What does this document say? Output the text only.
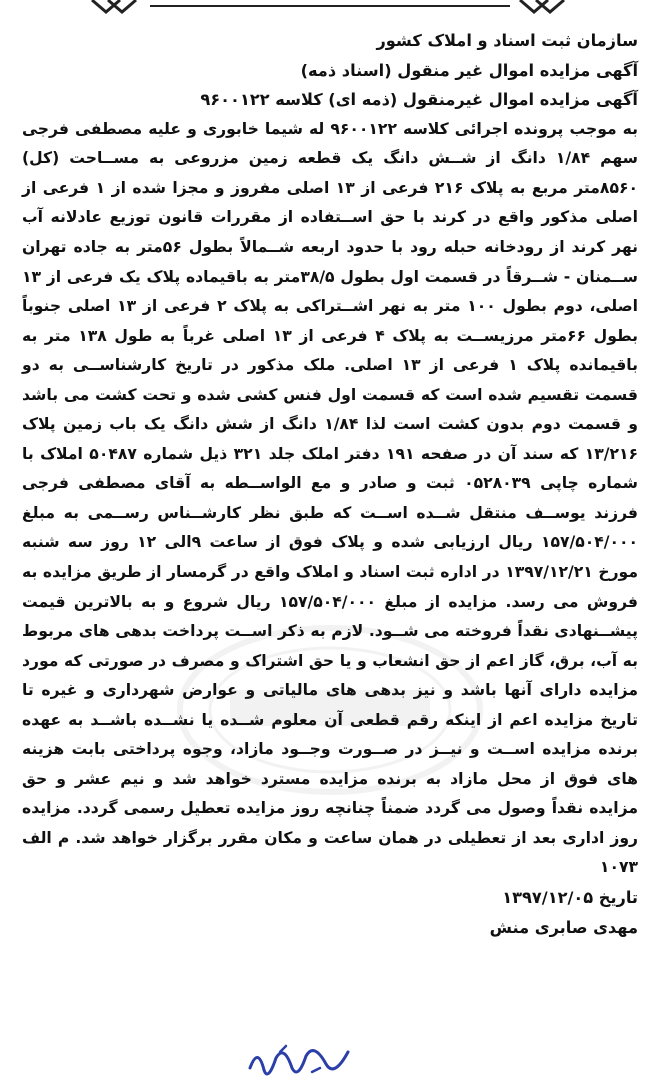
سازمان ثبت اسناد و املاک کشور
آگهی مزایده اموال غیر منقول (اسناد ذمه)
آگهی مزایده اموال غیرمنقول (ذمه ای) کلاسه ۹۶۰۰۱۲۲
به موجب پرونده اجرائی کلاسه ۹۶۰۰۱۲۲ له شیما خابوری و علیه مصطفی فرجی سهم ۱/۸۴ دانگ از شــش دانگ یک قطعه زمین مزروعی به مســاحت (کل) ۸۵۶۰متر مربع به پلاک ۲۱۶ فرعی از ۱۳ اصلی مفروز و مجزا شده از ۱ فرعی از اصلی مذکور واقع در کرند با حق اســتفاده از مقررات قانون توزیع عادلانه آب نهر کرند از رودخانه حبله رود با حدود اربعه شــمالاً بطول ۵۶متر به جاده تهران ســمنان - شــرقاً در قسمت اول بطول ۳۸/۵متر به باقیماده پلاک یک فرعی از ۱۳ اصلی، دوم بطول ۱۰۰ متر به نهر اشــتراکی به پلاک ۲ فرعی از ۱۳ اصلی جنوباً بطول ۶۶متر مرزیســت به پلاک ۴ فرعی از ۱۳ اصلی غرباً به طول ۱۳۸ متر به باقیمانده پلاک ۱ فرعی از ۱۳ اصلی. ملک مذکور در تاریخ کارشناســی به دو قسمت تقسیم شده است که قسمت اول فنس کشی شده و تحت کشت می باشد و قسمت دوم بدون کشت است لذا ۱/۸۴ دانگ از شش دانگ یک باب زمین پلاک ۱۳/۲۱۶ که سند آن در صفحه ۱۹۱ دفتر املک جلد ۳۲۱ ذیل شماره ۵۰۴۸۷ املاک با شماره چاپی ۰۵۲۸۰۳۹ ثبت و صادر و مع الواســطه به آقای مصطفی فرجی فرزند یوســف منتقل شــده اســت که طبق نظر کارشــناس رســمی به مبلغ ۱۵۷/۵۰۴/۰۰۰ ریال ارزیابی شده و پلاک فوق از ساعت ۹الی ۱۲ روز سه شنبه مورخ ۱۳۹۷/۱۲/۲۱ در اداره ثبت اسناد و املاک واقع در گرمسار از طریق مزایده به فروش می رسد. مزایده از مبلغ ۱۵۷/۵۰۴/۰۰۰ ریال شروع و به بالاترین قیمت پیشــنهادی نقداً فروخته می شــود. لازم به ذکر اســت پرداخت بدهی های مربوط به آب، برق، گاز اعم از حق انشعاب و یا حق اشتراک و مصرف در صورتی که مورد مزایده دارای آنها باشد و نیز بدهی های مالیاتی و عوارض شهرداری و غیره تا تاریخ مزایده اعم از اینکه رقم قطعی آن معلوم شــده یا نشــده باشــد به عهده برنده مزایده اســت و نیــز در صــورت وجــود مازاد، وجوه پرداختی بابت هزینه های فوق از محل مازاد به برنده مزایده مسترد خواهد شد و نیم عشر و حق مزایده نقداً وصول می گردد ضمناً چنانچه روز مزایده تعطیل رسمی گردد. مزایده روز اداری بعد از تعطیلی در همان ساعت و مکان مقرر برگزار خواهد شد. م الف ۱۰۷۳
تاریخ ۱۳۹۷/۱۲/۰۵
مهدی صابری منش
